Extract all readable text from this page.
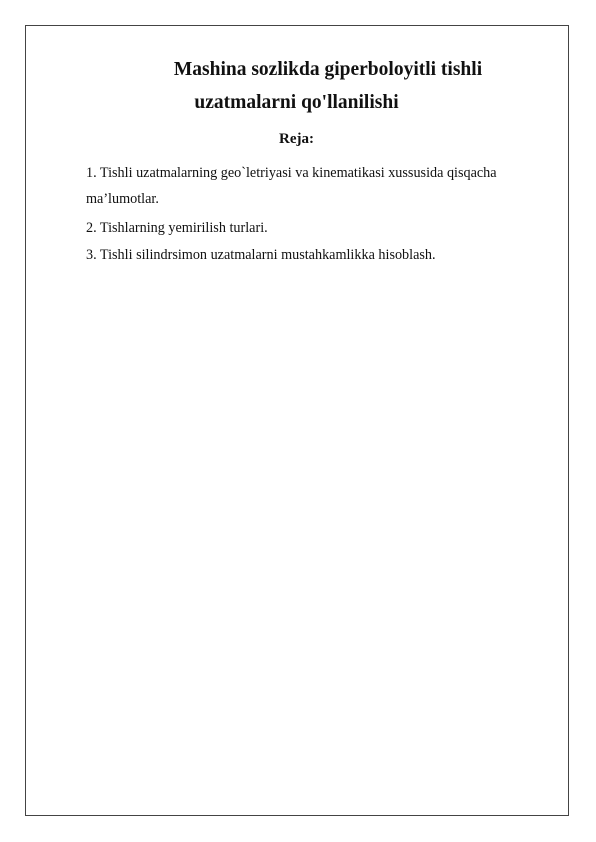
Mashina sozlikda giperboloyitli tishli
uzatmalarni qo'llanilishi
Reja:

1. Tishli uzatmalarning geo`letriyasi va kinematikasi xussusida qisqacha

ma’lumotlar.

2. Tishlarning yemirilish turlari.

3. Tishli silindrsimon uzatmalarni mustahkamlikka hisoblash.
